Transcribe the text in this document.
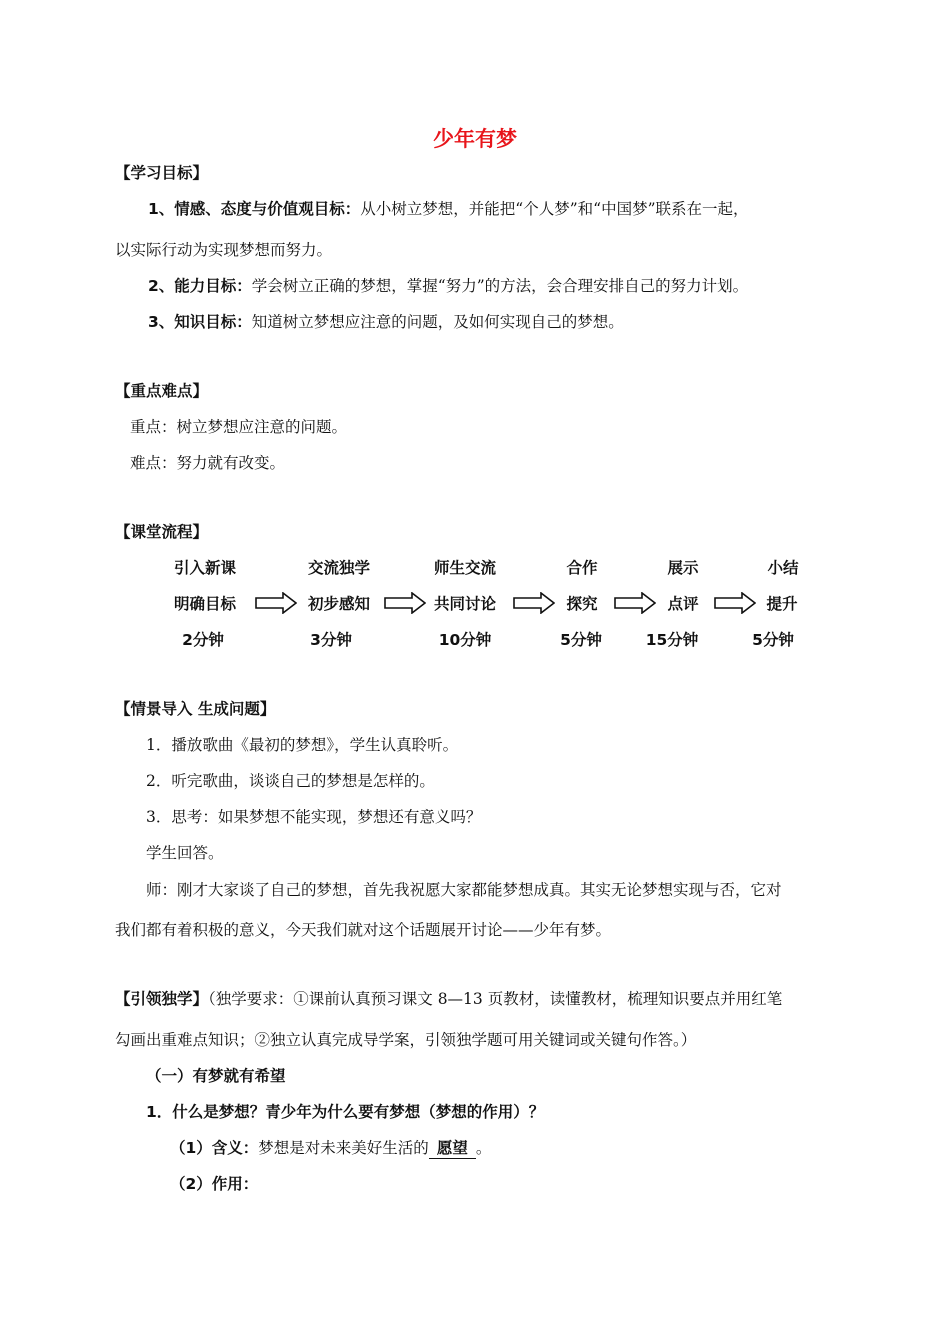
少年有梦
【学习目标】
1、情感、态度与价值观目标：从小树立梦想，并能把“个人梦”和“中国梦”联系在一起，
以实际行动为实现梦想而努力。
2、能力目标：学会树立正确的梦想，掌握“努力”的方法，会合理安排自己的努力计划。
3、知识目标：知道树立梦想应注意的问题，及如何实现自己的梦想。
【重点难点】
重点：树立梦想应注意的问题。
难点：努力就有改变。
【课堂流程】
引入新课
明确目标
2分钟
交流独学
初步感知
3分钟
师生交流
共同讨论
10分钟
合作
探究
5分钟
展示
点评
15分钟
小结
提升
5分钟
【情景导入 生成问题】
1．播放歌曲《最初的梦想》，学生认真聆听。
2．听完歌曲，谈谈自己的梦想是怎样的。
3．思考：如果梦想不能实现，梦想还有意义吗？
学生回答。
师：刚才大家谈了自己的梦想，首先我祝愿大家都能梦想成真。其实无论梦想实现与否，它对
我们都有着积极的意义，今天我们就对这个话题展开讨论——少年有梦。
【引领独学】（独学要求：①课前认真预习课文 8—13 页教材，读懂教材，梳理知识要点并用红笔
勾画出重难点知识；②独立认真完成导学案，引领独学题可用关键词或关键句作答。）
（一）有梦就有希望
1．什么是梦想？青少年为什么要有梦想（梦想的作用）？
（1）含义：梦想是对未来美好生活的 愿望 。
（2）作用：
